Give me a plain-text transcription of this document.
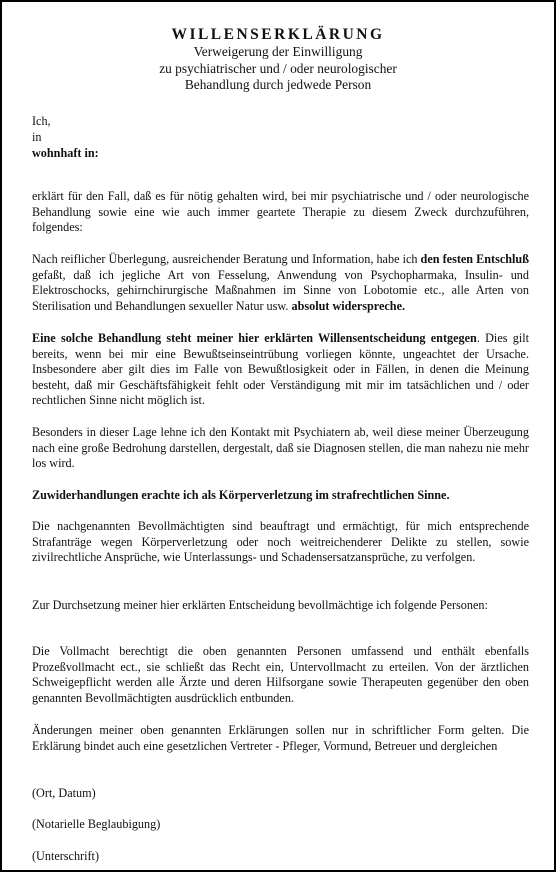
WILLENSERKLÄRUNG
Verweigerung der Einwilligung
zu psychiatrischer und / oder neurologischer
Behandlung durch jedwede Person

Ich,

in

wohnhaft in:

erklärt für den Fall, daß es für nötig gehalten wird, bei mir psychiatrische und / oder neurologische Behandlung sowie eine wie auch immer geartete Therapie zu diesem Zweck durchzuführen, folgendes:

Nach reiflicher Überlegung, ausreichender Beratung und Information, habe ich den festen Entschluß gefaßt, daß ich jegliche Art von Fesselung, Anwendung von Psychopharmaka, Insulin- und Elektroschocks, gehirnchirurgische Maßnahmen im Sinne von Lobotomie etc., alle Arten von Sterilisation und Behandlungen sexueller Natur usw. absolut widerspreche.

Eine solche Behandlung steht meiner hier erklärten Willensentscheidung entgegen. Dies gilt bereits, wenn bei mir eine Bewußtseinseintrübung vorliegen könnte, ungeachtet der Ursache. Insbesondere aber gilt dies im Falle von Bewußtlosigkeit oder in Fällen, in denen die Meinung besteht, daß mir Geschäftsfähigkeit fehlt oder Verständigung mit mir im tatsächlichen und / oder rechtlichen Sinne nicht möglich ist.

Besonders in dieser Lage lehne ich den Kontakt mit Psychiatern ab, weil diese meiner Überzeugung nach eine große Bedrohung darstellen, dergestalt, daß sie Diagnosen stellen, die man nahezu nie mehr los wird.

Zuwiderhandlungen erachte ich als Körperverletzung im strafrechtlichen Sinne.

Die nachgenannten Bevollmächtigten sind beauftragt und ermächtigt, für mich entsprechende Strafanträge wegen Körperverletzung oder noch weitreichenderer Delikte zu stellen, sowie zivilrechtliche Ansprüche, wie Unterlassungs- und Schadensersatzansprüche, zu verfolgen.

Zur Durchsetzung meiner hier erklärten Entscheidung bevollmächtige ich folgende Personen:

Die Vollmacht berechtigt die oben genannten Personen umfassend und enthält ebenfalls Prozeßvollmacht ect., sie schließt das Recht ein, Untervollmacht zu erteilen. Von der ärztlichen Schweigepflicht werden alle Ärzte und deren Hilfsorgane sowie Therapeuten gegenüber den oben genannten Bevollmächtigten ausdrücklich entbunden.

Änderungen meiner oben genannten Erklärungen sollen nur in schriftlicher Form gelten. Die Erklärung bindet auch eine gesetzlichen Vertreter - Pfleger, Vormund, Betreuer und dergleichen

(Ort, Datum)

(Notarielle Beglaubigung)

(Unterschrift)
